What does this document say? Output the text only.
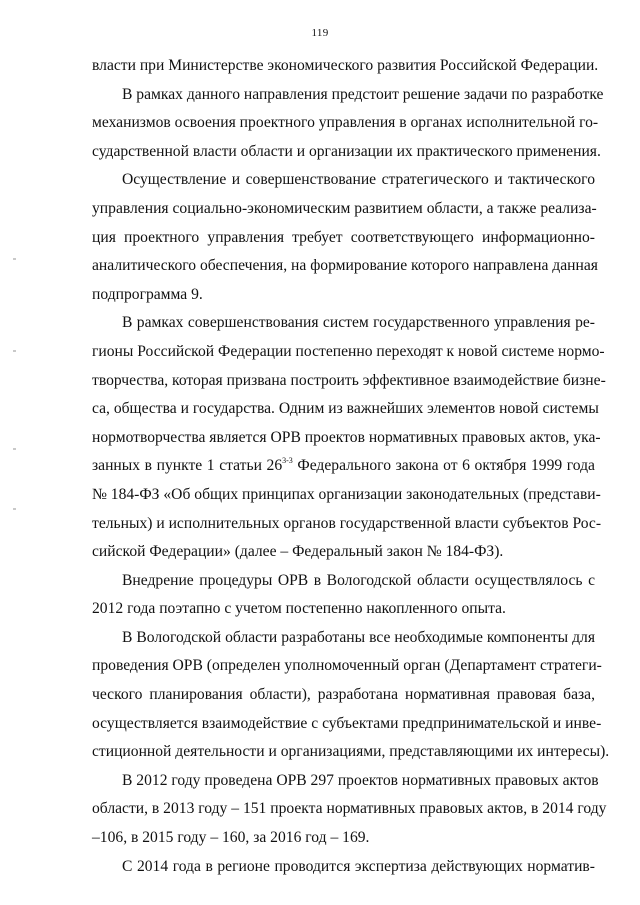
119
власти при Министерстве экономического развития Российской Федерации.
В рамках данного направления предстоит решение задачи по разработке
механизмов освоения проектного управления в органах исполнительной го-
сударственной власти области и организации их практического применения.
Осуществление и совершенствование стратегического и тактического
управления социально-экономическим развитием области, а также реализа-
ция проектного управления требует соответствующего информационно-
аналитического обеспечения, на формирование которого направлена данная
подпрограмма 9.
В рамках совершенствования систем государственного управления ре-
гионы Российской Федерации постепенно переходят к новой системе нормо-
творчества, которая призвана построить эффективное взаимодействие бизне-
са, общества и государства. Одним из важнейших элементов новой системы
нормотворчества является ОРВ проектов нормативных правовых актов, ука-
занных в пункте 1 статьи 26$^{3-3}$ Федерального закона от 6 октября 1999 года
№ 184-ФЗ «Об общих принципах организации законодательных (представи-
тельных) и исполнительных органов государственной власти субъектов Рос-
сийской Федерации» (далее – Федеральный закон № 184-ФЗ).
Внедрение процедуры ОРВ в Вологодской области осуществлялось с
2012 года поэтапно с учетом постепенно накопленного опыта.
В Вологодской области разработаны все необходимые компоненты для
проведения ОРВ (определен уполномоченный орган (Департамент стратеги-
ческого планирования области), разработана нормативная правовая база,
осуществляется взаимодействие с субъектами предпринимательской и инве-
стиционной деятельности и организациями, представляющими их интересы).
В 2012 году проведена ОРВ 297 проектов нормативных правовых актов
области, в 2013 году – 151 проекта нормативных правовых актов, в 2014 году
–106, в 2015 году – 160, за 2016 год – 169.
С 2014 года в регионе проводится экспертиза действующих норматив-
